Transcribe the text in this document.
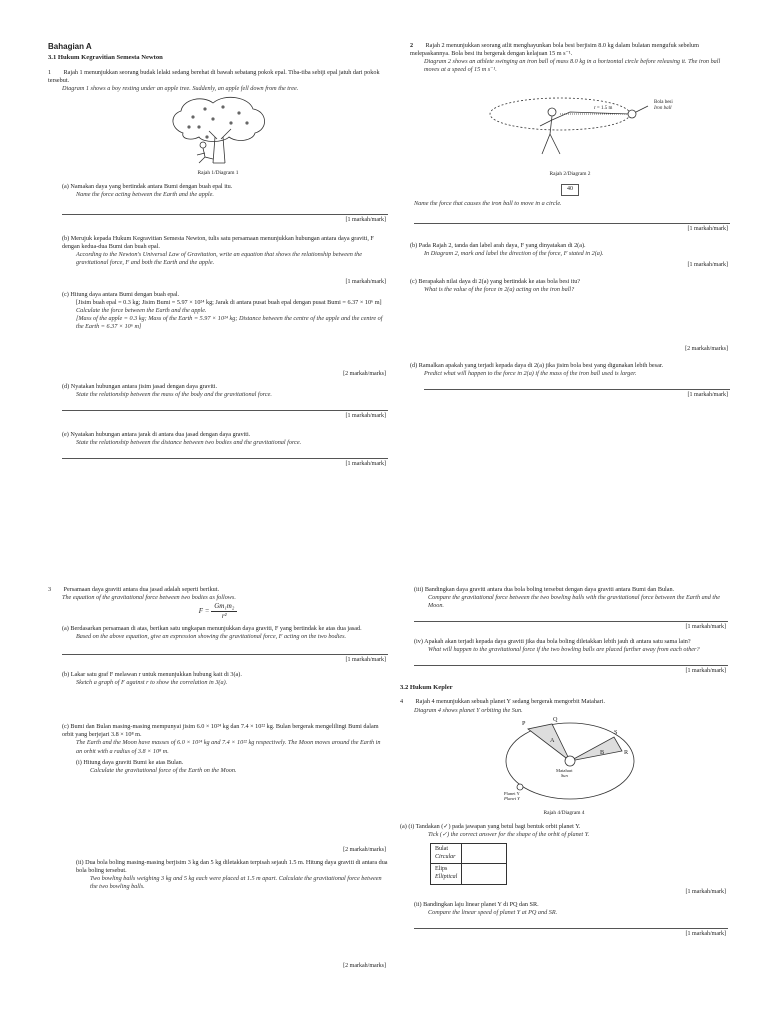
Bahagian A
3.1 Hukum Kegravitian Semesta Newton
1 Rajah 1 menunjukkan seorang budak lelaki sedang berehat di bawah sebatang pokok epal. Tiba-tiba sebiji epal jatuh dari pokok tersebut.
Diagram 1 shows a boy resting under an apple tree. Suddenly, an apple fell down from the tree.
Rajah 1/Diagram 1
(a) Namakan daya yang bertindak antara Bumi dengan buah epal itu.
Name the force acting between the Earth and the apple.
[1 markah/mark]
(b) Merujuk kepada Hukum Kegravitian Semesta Newton, tulis satu persamaan menunjukkan hubungan antara daya graviti, F dengan kedua-dua Bumi dan buah epal.
According to the Newton's Universal Law of Gravitation, write an equation that shows the relationship between the gravitational force, F and both the Earth and the apple.
[1 markah/mark]
(c) Hitung daya antara Bumi dengan buah epal.
[Jisim buah epal = 0.3 kg; Jisim Bumi = 5.97 × 10²⁴ kg; Jarak di antara pusat buah epal dengan pusat Bumi = 6.37 × 10⁶ m]
Calculate the force between the Earth and the apple.
[Mass of the apple = 0.3 kg; Mass of the Earth = 5.97 × 10²⁴ kg; Distance between the centre of the apple and the centre of the Earth = 6.37 × 10⁶ m]
[2 markah/marks]
(d) Nyatakan hubungan antara jisim jasad dengan daya graviti.
State the relationship between the mass of the body and the gravitational force.
[1 markah/mark]
(e) Nyatakan hubungan antara jarak di antara dua jasad dengan daya graviti.
State the relationship between the distance between two bodies and the gravitational force.
[1 markah/mark]
2 Rajah 2 menunjukkan seorang atlit menghayunkan bola besi berjisim 8.0 kg dalam bulatan mengufuk sebelum melepaskannya. Bola besi itu bergerak dengan kelajuan 15 m s⁻¹.
Diagram 2 shows an athlete swinging an iron ball of mass 8.0 kg in a horizontal circle before releasing it. The iron ball moves at a speed of 15 m s⁻¹.
Bola besi
Iron ball
r = 1.5 m
Rajah 2/Diagram 2
40
Name the force that causes the iron ball to move in a circle.
[1 markah/mark]
(b) Pada Rajah 2, tanda dan label arah daya, F yang dinyatakan di 2(a).
In Diagram 2, mark and label the direction of the force, F stated in 2(a).
[1 markah/mark]
(c) Berapakah nilai daya di 2(a) yang bertindak ke atas bola besi itu?
What is the value of the force in 2(a) acting on the iron ball?
[2 markah/marks]
(d) Ramalkan apakah yang terjadi kepada daya di 2(a) jika jisim bola besi yang digunakan lebih besar.
Predict what will happen to the force in 2(a) if the mass of the iron ball used is larger.
[1 markah/mark]
3 Persamaan daya graviti antara dua jasad adalah seperti berikut.
The equation of the gravitational force between two bodies as follows.
$F = \frac{\text{Gm₁m₂}}{\text{r²}}$
(a) Berdasarkan persamaan di atas, berikan satu ungkapan menunjukkan daya graviti, F yang bertindak ke atas dua jasad.
Based on the above equation, give an expression showing the gravitational force, F acting on the two bodies.
[1 markah/mark]
(b) Lakar satu graf F melawan r untuk menunjukkan hubung kait di 3(a).
Sketch a graph of F against r to show the correlation in 3(a).
(c) Bumi dan Bulan masing-masing mempunyai jisim 6.0 × 10²⁴ kg dan 7.4 × 10²² kg. Bulan bergerak mengelilingi Bumi dalam orbit yang berjejari 3.8 × 10⁸ m.
The Earth and the Moon have masses of 6.0 × 10²⁴ kg and 7.4 × 10²² kg respectively. The Moon moves around the Earth in an orbit with a radius of 3.8 × 10⁸ m.
(i) Hitung daya graviti Bumi ke atas Bulan.
Calculate the gravitational force of the Earth on the Moon.
[2 markah/marks]
(ii) Dua bola boling masing-masing berjisim 3 kg dan 5 kg diletakkan terpisah sejauh 1.5 m. Hitung daya graviti di antara dua bola boling tersebut.
Two bowling balls weighing 3 kg and 5 kg each were placed at 1.5 m apart. Calculate the gravitational force between the two bowling balls.
[2 markah/marks]
(iii) Bandingkan daya graviti antara dua bola boling tersebut dengan daya graviti antara Bumi dan Bulan.
Compare the gravitational force between the two bowling balls with the gravitational force between the Earth and the Moon.
[1 markah/mark]
(iv) Apakah akan terjadi kepada daya graviti jika dua bola boling diletakkan lebih jauh di antara satu sama lain?
What will happen to the gravitational force if the two bowling balls are placed further away from each other?
[1 markah/mark]
3.2 Hukum Kepler
4 Rajah 4 menunjukkan sebuah planet Y sedang bergerak mengorbit Matahari.
Diagram 4 shows planet Y orbiting the Sun.
P
Q
R
S
A
B
Matahari
Sun
Planet Y
Planet Y
Rajah 4/Diagram 4
(a) (i) Tandakan (✓) pada jawapan yang betul bagi bentuk orbit planet Y.
Tick (✓) the correct answer for the shape of the orbit of planet Y.
Bulat
Circular	

Elips
Elliptical	

[1 markah/mark]
(ii) Bandingkan laju linear planet Y di PQ dan SR.
Compare the linear speed of planet Y at PQ and SR.
[1 markah/mark]
